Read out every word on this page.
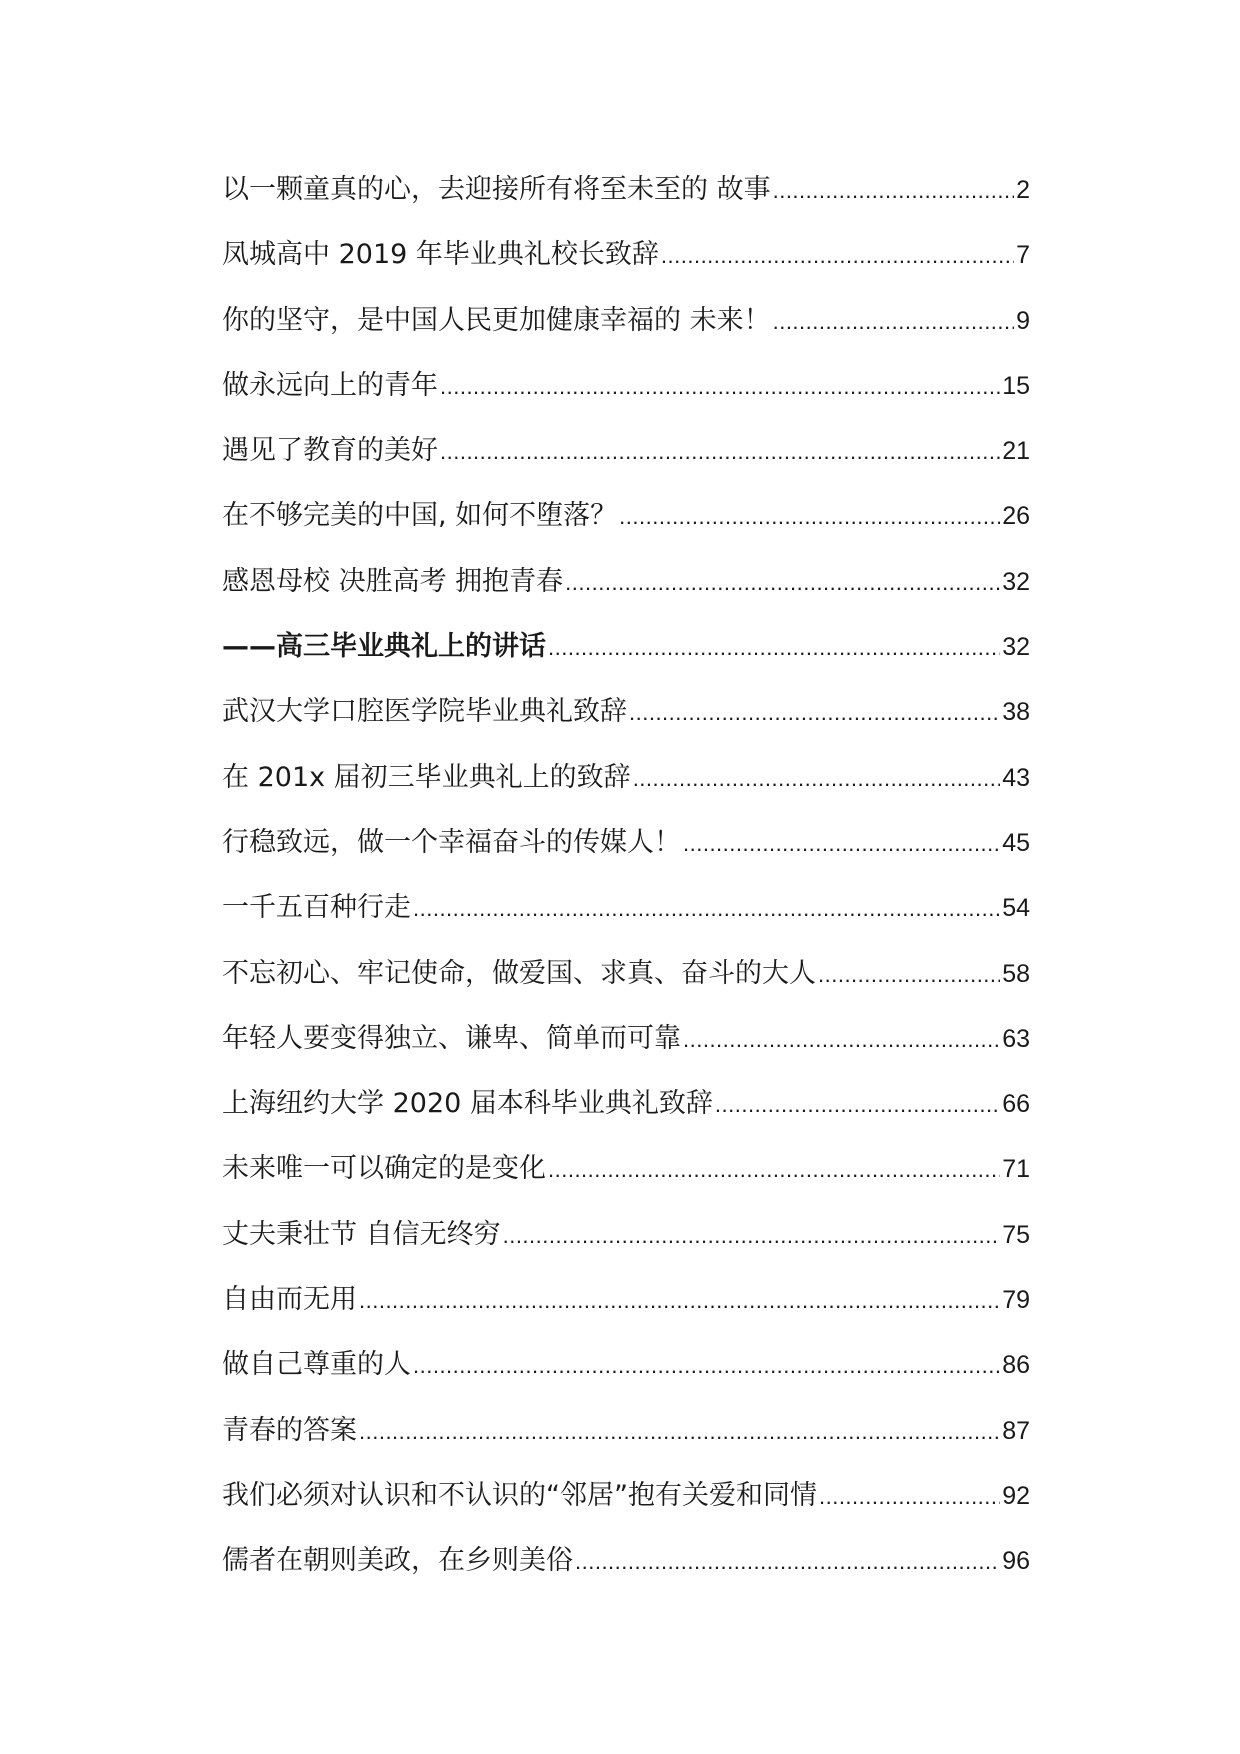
以一颗童真的心，去迎接所有将至未至的 故事 .....	2
凤城高中 2019 年毕业典礼校长致辞 .....	7
你的坚守，是中国人民更加健康幸福的 未来！ .....	9
做永远向上的青年 .....	15
遇见了教育的美好 .....	21
在不够完美的中国, 如何不堕落？ .....	26
感恩母校 决胜高考 拥抱青春 .....	32
——高三毕业典礼上的讲话 .....	32
武汉大学口腔医学院毕业典礼致辞 .....	38
在 201x 届初三毕业典礼上的致辞 .....	43
行稳致远，做一个幸福奋斗的传媒人！ .....	45
一千五百种行走 .....	54
不忘初心、牢记使命，做爱国、求真、奋斗的大人 .....	58
年轻人要变得独立、谦卑、简单而可靠 .....	63
上海纽约大学 2020 届本科毕业典礼致辞 .....	66
未来唯一可以确定的是变化 .....	71
丈夫秉壮节 自信无终穷 .....	75
自由而无用 .....	79
做自己尊重的人 .....	86
青春的答案 .....	87
我们必须对认识和不认识的“邻居”抱有关爱和同情 .....	92
儒者在朝则美政，在乡则美俗 .....	96
